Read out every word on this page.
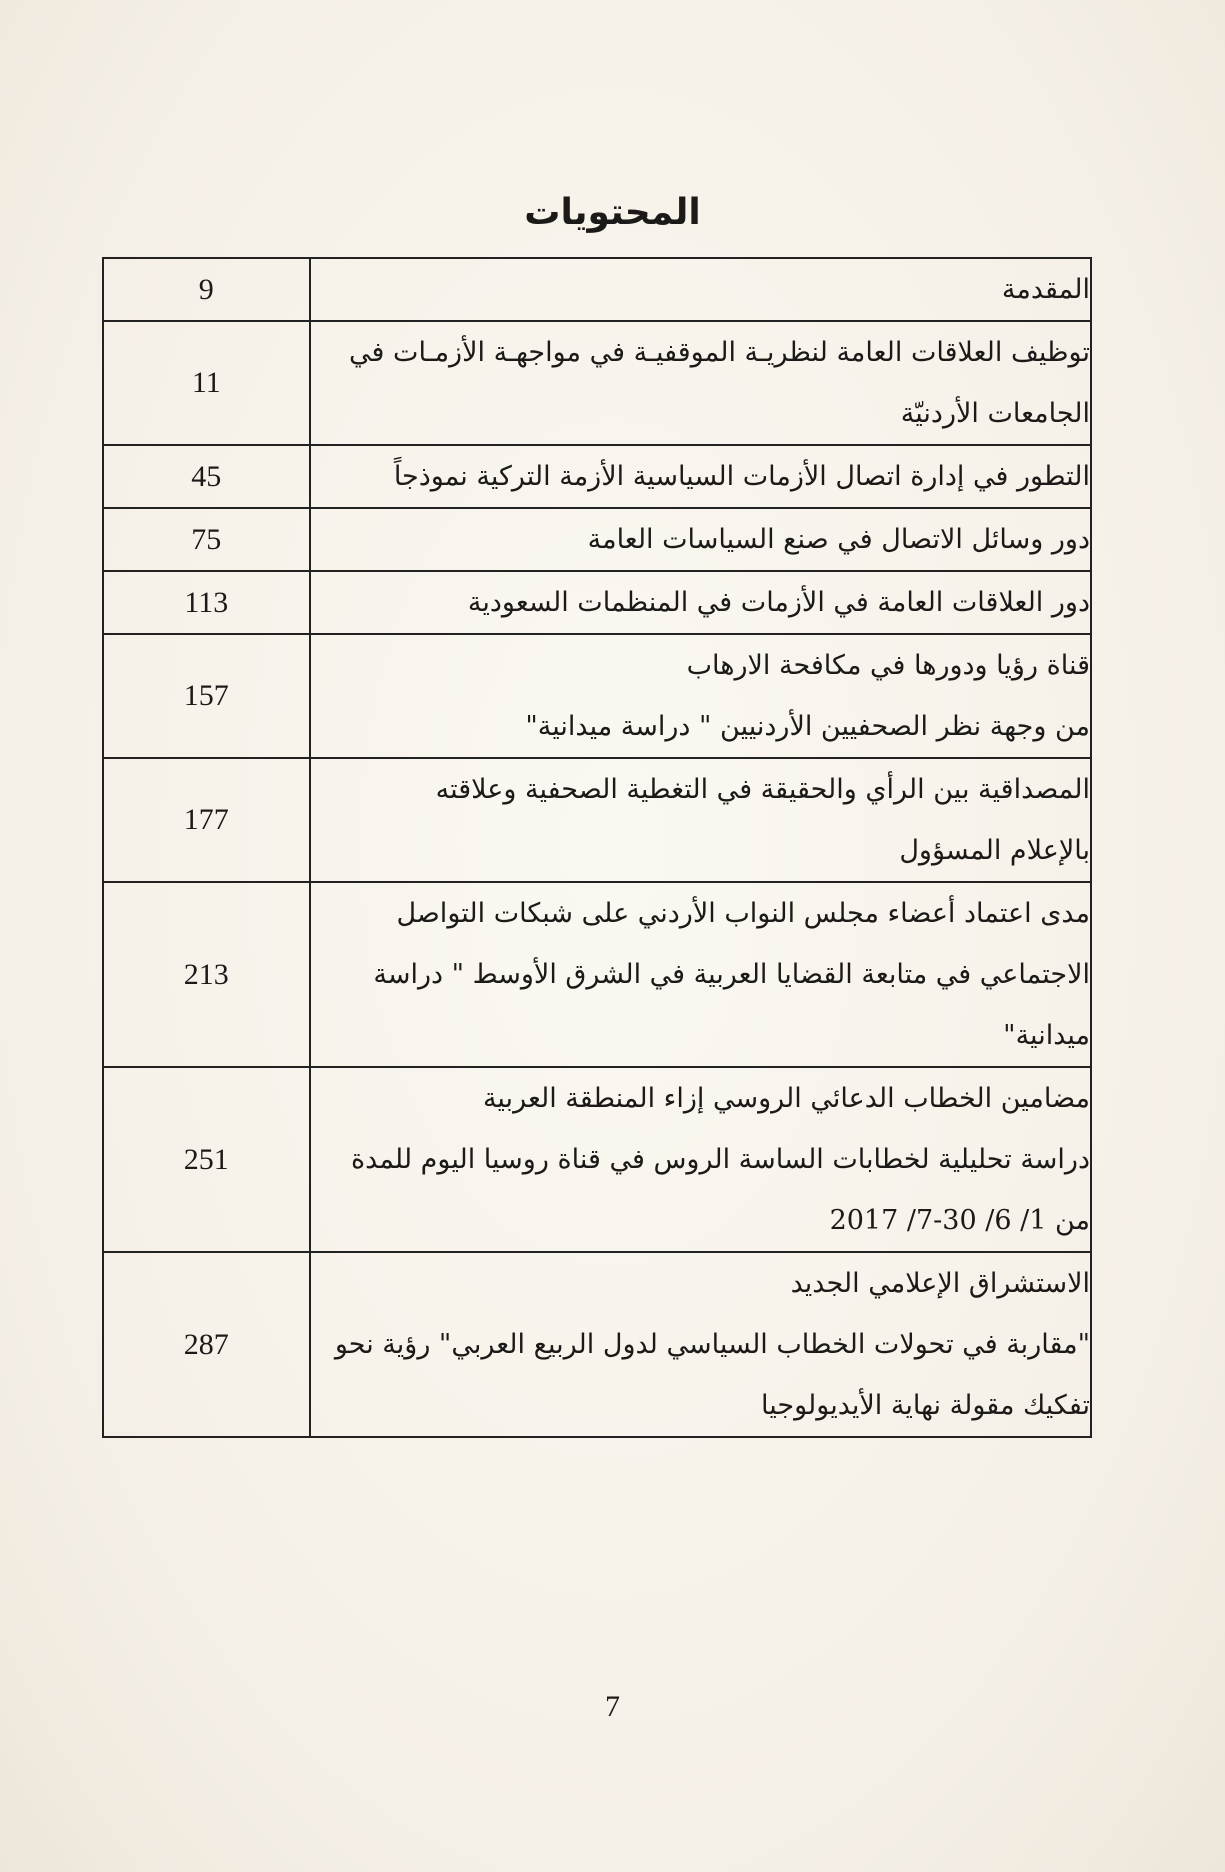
المحتويات
المقدمة	9

توظيف العلاقات العامة لنظريـة الموقفيـة في مواجهـة الأزمـات في
الجامعات الأردنيّة	11

التطور في إدارة اتصال الأزمات السياسية الأزمة التركية نموذجاً	45

دور وسائل الاتصال في صنع السياسات العامة	75

دور العلاقات العامة في الأزمات في المنظمات السعودية	113

قناة رؤيا ودورها في مكافحة الارهاب
من وجهة نظر الصحفيين الأردنيين " دراسة ميدانية"	157

المصداقية بين الرأي والحقيقة في التغطية الصحفية وعلاقته
بالإعلام المسؤول	177

مدى اعتماد أعضاء مجلس النواب الأردني على شبكات التواصل
الاجتماعي في متابعة القضايا العربية في الشرق الأوسط " دراسة
ميدانية"	213

مضامين الخطاب الدعائي الروسي إزاء المنطقة العربية
دراسة تحليلية لخطابات الساسة الروس في قناة روسيا اليوم للمدة
من 1/ 6/ 30-7/ 2017	251

الاستشراق الإعلامي الجديد
"مقاربة في تحولات الخطاب السياسي لدول الربيع العربي" رؤية نحو
تفكيك مقولة نهاية الأيديولوجيا	287
7
